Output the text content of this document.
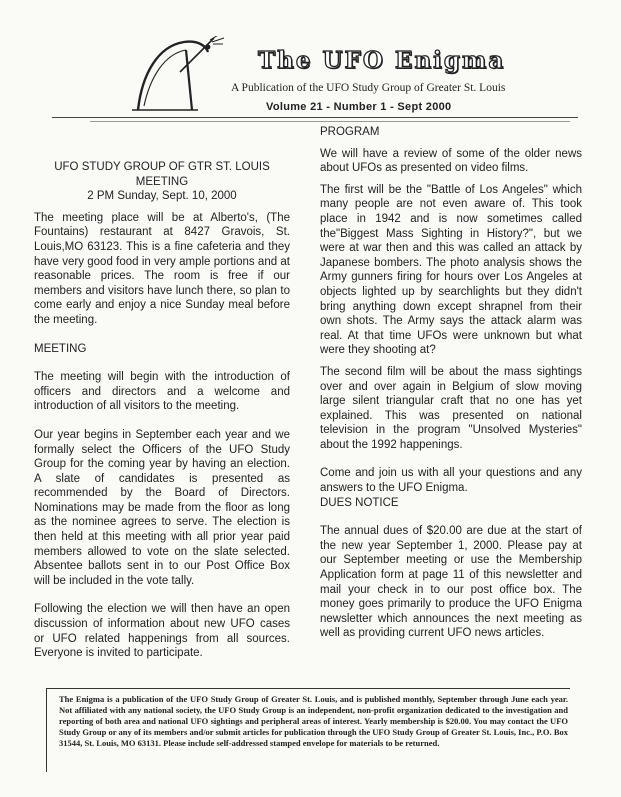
The UFO Enigma
A Publication of the UFO Study Group of Greater St. Louis
Volume 21 - Number 1 - Sept 2000

UFO STUDY GROUP OF GTR ST. LOUIS

MEETING

2 PM Sunday, Sept. 10, 2000

The meeting place will be at Alberto's, (The Fountains) restaurant at 8427 Gravois, St. Louis,MO 63123. This is a fine cafeteria and they have very good food in very ample portions and at reasonable prices. The room is free if our members and visitors have lunch there, so plan to come early and enjoy a nice Sunday meal before the meeting.

MEETING

The meeting will begin with the introduction of officers and directors and a welcome and introduction of all visitors to the meeting.

Our year begins in September each year and we formally select the Officers of the UFO Study Group for the coming year by having an election. A slate of candidates is presented as recommended by the Board of Directors. Nominations may be made from the floor as long as the nominee agrees to serve. The election is then held at this meeting with all prior year paid members allowed to vote on the slate selected. Absentee ballots sent in to our Post Office Box will be included in the vote tally.

Following the election we will then have an open discussion of information about new UFO cases or UFO related happenings from all sources. Everyone is invited to participate.

PROGRAM

We will have a review of some of the older news about UFOs as presented on video films.

The first will be the "Battle of Los Angeles" which many people are not even aware of. This took place in 1942 and is now sometimes called the"Biggest Mass Sighting in History?", but we were at war then and this was called an attack by Japanese bombers. The photo analysis shows the Army gunners firing for hours over Los Angeles at objects lighted up by searchlights but they didn't bring anything down except shrapnel from their own shots. The Army says the attack alarm was real. At that time UFOs were unknown but what were they shooting at?

The second film will be about the mass sightings over and over again in Belgium of slow moving large silent triangular craft that no one has yet explained. This was presented on national television in the program "Unsolved Mysteries" about the 1992 happenings.

Come and join us with all your questions and any answers to the UFO Enigma.

DUES NOTICE

The annual dues of $20.00 are due at the start of the new year September 1, 2000. Please pay at our September meeting or use the Membership Application form at page 11 of this newsletter and mail your check in to our post office box. The money goes primarily to produce the UFO Enigma newsletter which announces the next meeting as well as providing current UFO news articles.

The Enigma is a publication of the UFO Study Group of Greater St. Louis, and is published monthly, September through June each year. Not affiliated with any national society, the UFO Study Group is an independent, non-profit organization dedicated to the investigation and reporting of both area and national UFO sightings and peripheral areas of interest. Yearly membership is $20.00. You may contact the UFO Study Group or any of its members and/or submit articles for publication through the UFO Study Group of Greater St. Louis, Inc., P.O. Box 31544, St. Louis, MO 63131. Please include self-addressed stamped envelope for materials to be returned.
